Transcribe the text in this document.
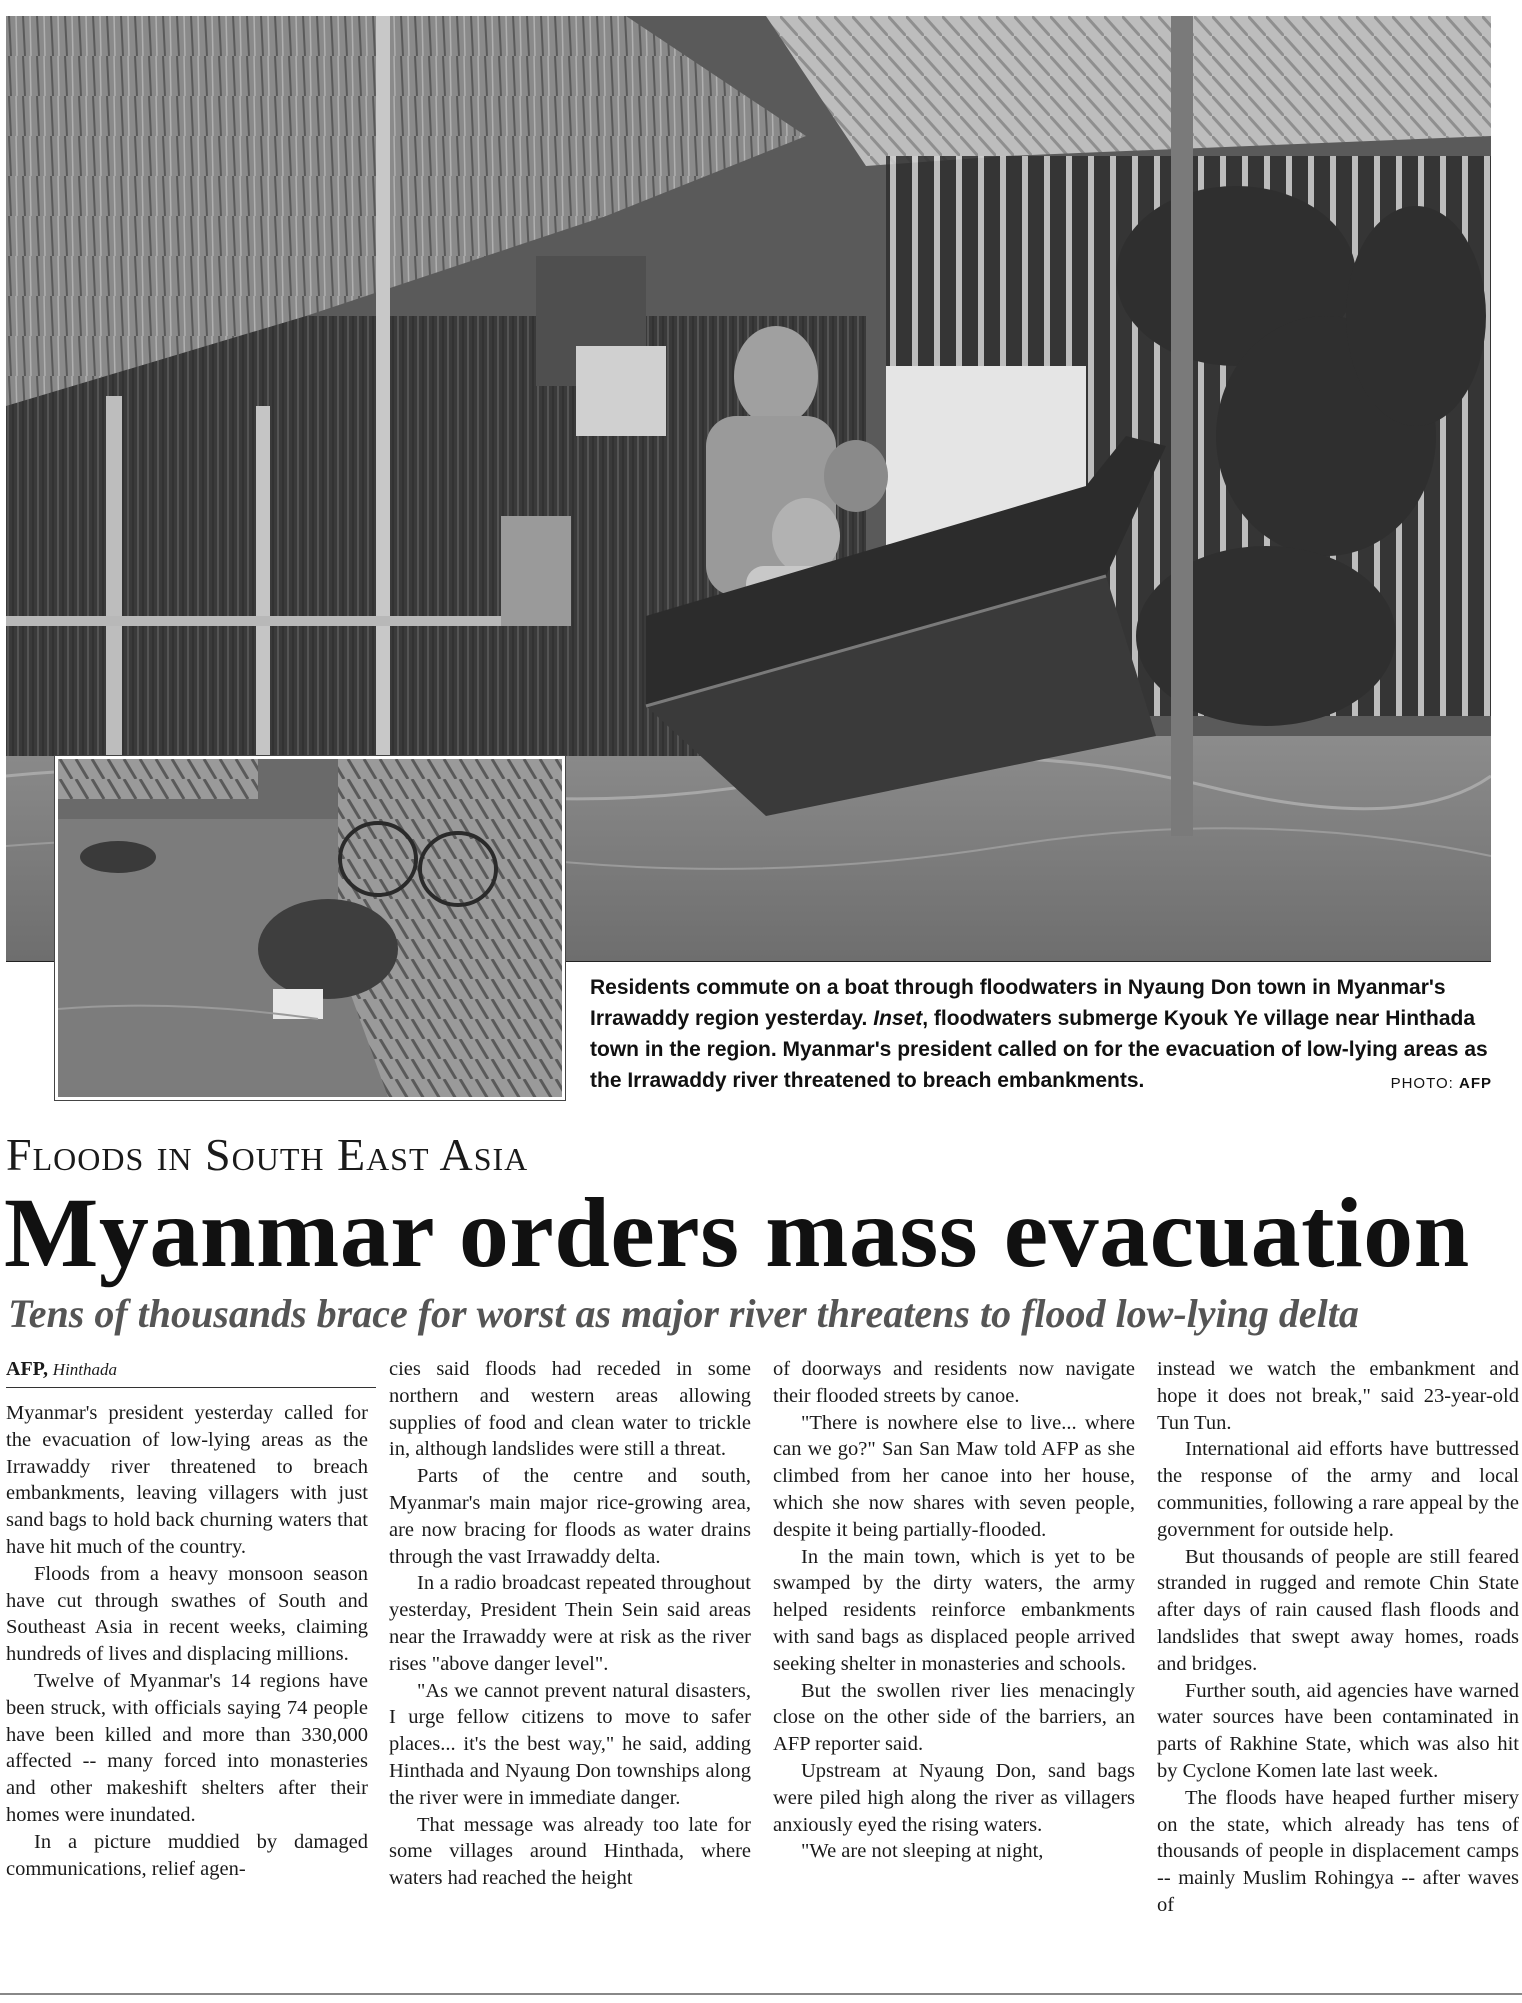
Residents commute on a boat through floodwaters in Nyaung Don town in Myanmar's Irrawaddy region yesterday. Inset, floodwaters submerge Kyouk Ye village near Hinthada town in the region. Myanmar's president called on for the evacuation of low-lying areas as the Irrawaddy river threatened to breach embankments.	PHOTO: AFP
Floods in South East Asia
Myanmar orders mass evacuation
Tens of thousands brace for worst as major river threatens to flood low-lying delta
AFP, Hinthada

Myanmar's president yesterday called for the evacuation of low-lying areas as the Irrawaddy river threatened to breach embankments, leaving villagers with just sand bags to hold back churning waters that have hit much of the country.

Floods from a heavy monsoon season have cut through swathes of South and Southeast Asia in recent weeks, claiming hundreds of lives and displacing millions.

Twelve of Myanmar's 14 regions have been struck, with officials saying 74 people have been killed and more than 330,000 affected -- many forced into monasteries and other makeshift shelters after their homes were inundated.

In a picture muddied by damaged communications, relief agen-

cies said floods had receded in some northern and western areas allowing supplies of food and clean water to trickle in, although landslides were still a threat.

Parts of the centre and south, Myanmar's main major rice-growing area, are now bracing for floods as water drains through the vast Irrawaddy delta.

In a radio broadcast repeated throughout yesterday, President Thein Sein said areas near the Irrawaddy were at risk as the river rises "above danger level".

"As we cannot prevent natural disasters, I urge fellow citizens to move to safer places... it's the best way," he said, adding Hinthada and Nyaung Don townships along the river were in immediate danger.

That message was already too late for some villages around Hinthada, where waters had reached the height

of doorways and residents now navigate their flooded streets by canoe.

"There is nowhere else to live... where can we go?" San San Maw told AFP as she climbed from her canoe into her house, which she now shares with seven people, despite it being partially-flooded.

In the main town, which is yet to be swamped by the dirty waters, the army helped residents reinforce embankments with sand bags as displaced people arrived seeking shelter in monasteries and schools.

But the swollen river lies menacingly close on the other side of the barriers, an AFP reporter said.

Upstream at Nyaung Don, sand bags were piled high along the river as villagers anxiously eyed the rising waters.

"We are not sleeping at night,

instead we watch the embankment and hope it does not break," said 23-year-old Tun Tun.

International aid efforts have buttressed the response of the army and local communities, following a rare appeal by the government for outside help.

But thousands of people are still feared stranded in rugged and remote Chin State after days of rain caused flash floods and landslides that swept away homes, roads and bridges.

Further south, aid agencies have warned water sources have been contaminated in parts of Rakhine State, which was also hit by Cyclone Komen late last week.

The floods have heaped further misery on the state, which already has tens of thousands of people in displacement camps -- mainly Muslim Rohingya -- after waves of
